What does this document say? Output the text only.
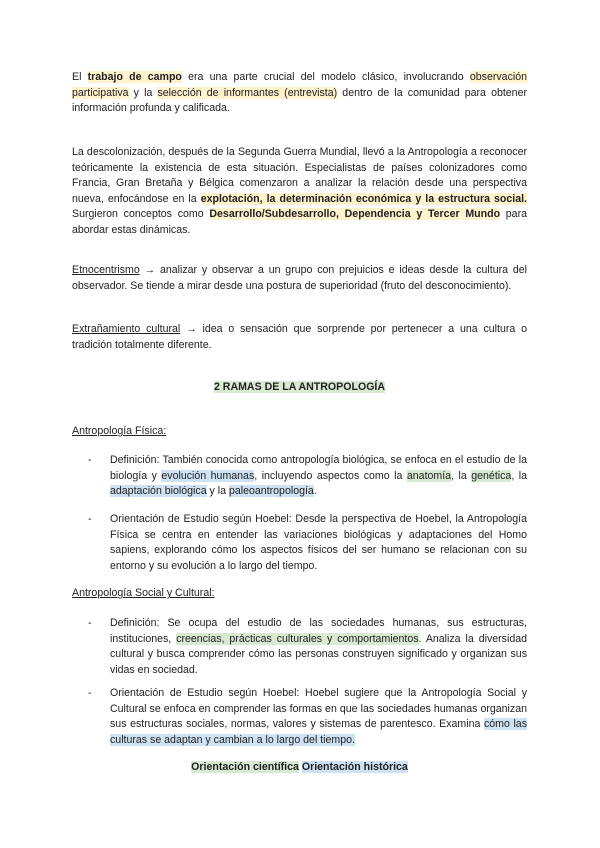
El trabajo de campo era una parte crucial del modelo clásico, involucrando observación participativa y la selección de informantes (entrevista) dentro de la comunidad para obtener información profunda y calificada.
La descolonización, después de la Segunda Guerra Mundial, llevó a la Antropología a reconocer teóricamente la existencia de esta situación. Especialistas de países colonizadores como Francia, Gran Bretaña y Bélgica comenzaron a analizar la relación desde una perspectiva nueva, enfocándose en la explotación, la determinación económica y la estructura social. Surgieron conceptos como Desarrollo/Subdesarrollo, Dependencia y Tercer Mundo para abordar estas dinámicas.
Etnocentrismo → analizar y observar a un grupo con prejuicios e ideas desde la cultura del observador. Se tiende a mirar desde una postura de superioridad (fruto del desconocimiento).
Extrañamiento cultural → idea o sensación que sorprende por pertenecer a una cultura o tradición totalmente diferente.
2 RAMAS DE LA ANTROPOLOGÍA
Antropología Física:
- Definición: También conocida como antropología biológica, se enfoca en el estudio de la biología y evolución humanas, incluyendo aspectos como la anatomía, la genética, la adaptación biológica y la paleoantropología.
- Orientación de Estudio según Hoebel: Desde la perspectiva de Hoebel, la Antropología Física se centra en entender las variaciones biológicas y adaptaciones del Homo sapiens, explorando cómo los aspectos físicos del ser humano se relacionan con su entorno y su evolución a lo largo del tiempo.
Antropología Social y Cultural:
- Definición: Se ocupa del estudio de las sociedades humanas, sus estructuras, instituciones, creencias, prácticas culturales y comportamientos. Analiza la diversidad cultural y busca comprender cómo las personas construyen significado y organizan sus vidas en sociedad.
- Orientación de Estudio según Hoebel: Hoebel sugiere que la Antropología Social y Cultural se enfoca en comprender las formas en que las sociedades humanas organizan sus estructuras sociales, normas, valores y sistemas de parentesco. Examina cómo las culturas se adaptan y cambian a lo largo del tiempo.
Orientación científica Orientación histórica
